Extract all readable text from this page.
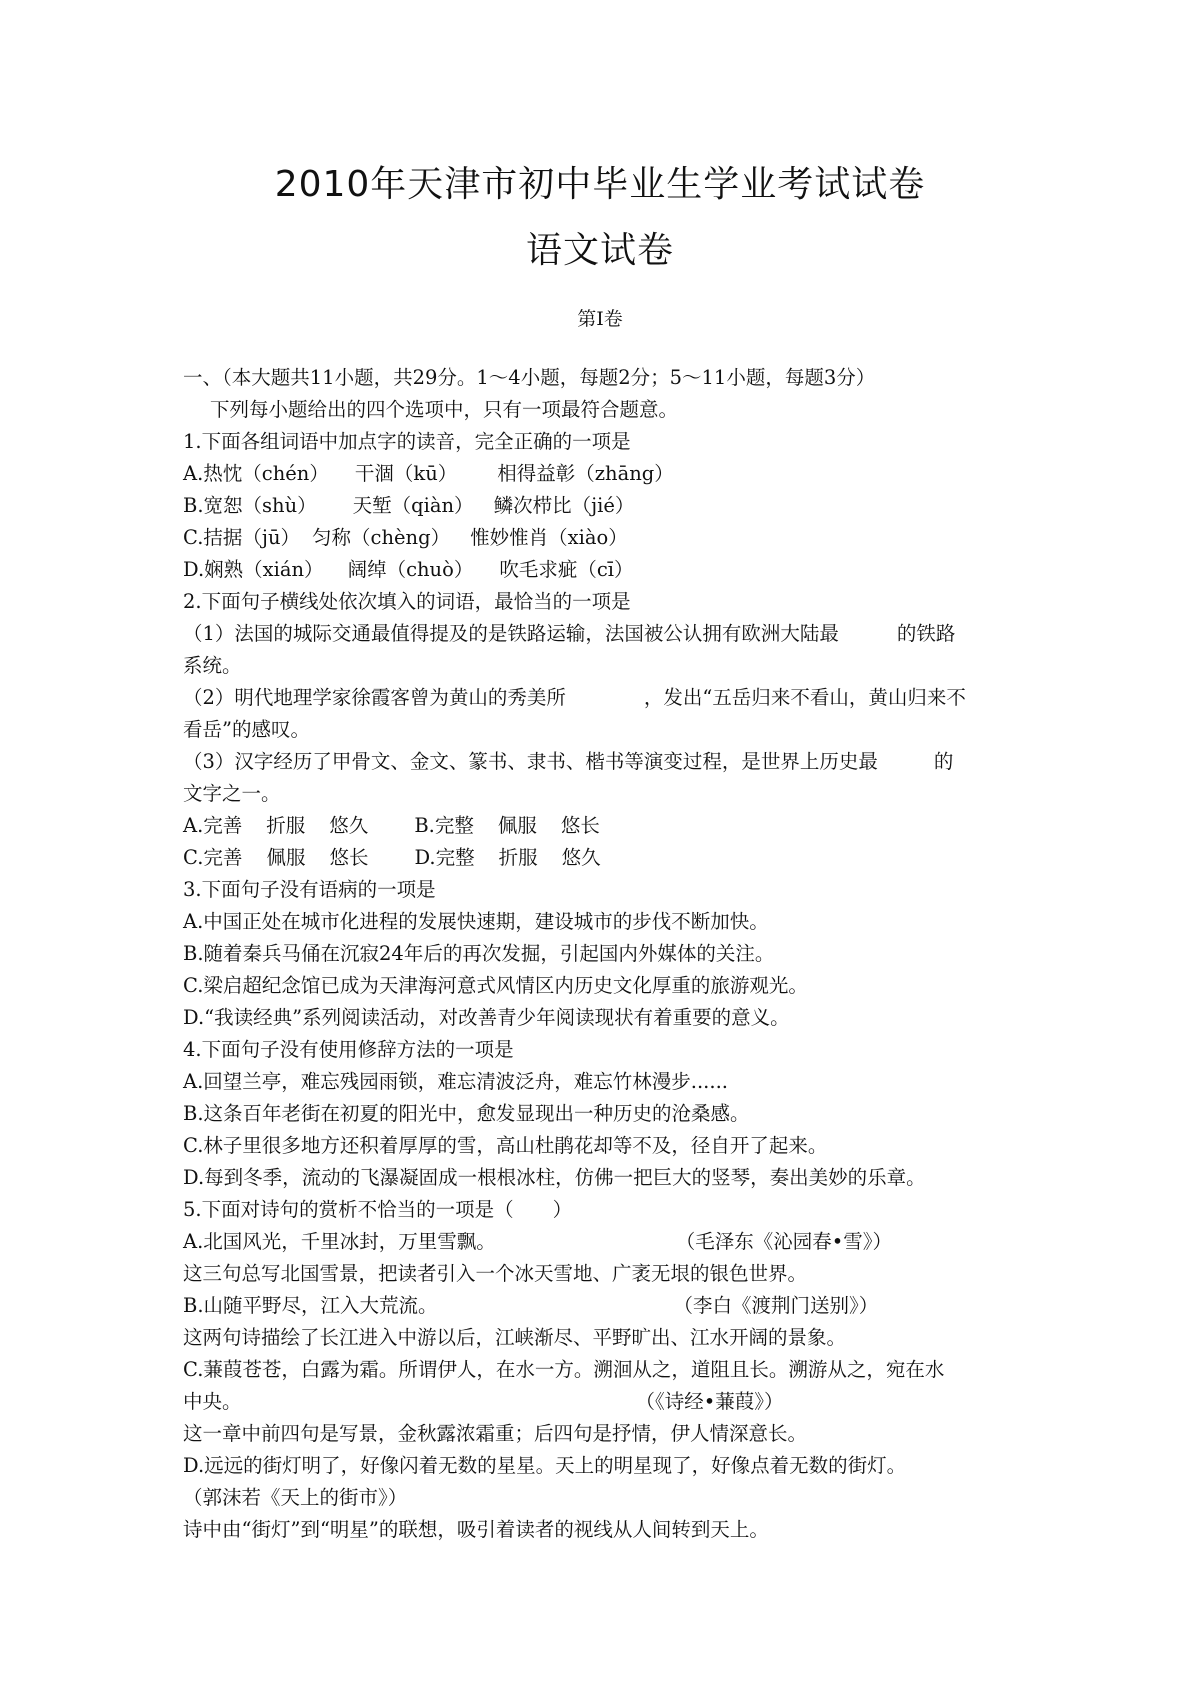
2010年天津市初中毕业生学业考试试卷
语文试卷
第Ⅰ卷
一、（本大题共11小题，共29分。1～4小题，每题2分；5～11小题，每题3分）
下列每小题给出的四个选项中，只有一项最符合题意。
1.下面各组词语中加点字的读音，完全正确的一项是
A.热忱（chén） 干涸（kū） 相得益彰（zhāng）
B.宽恕（shù） 天堑（qiàn） 鳞次栉比（jié）
C.拮据（jū） 匀称（chèng） 惟妙惟肖（xiào）
D.娴熟（xián） 阔绰（chuò） 吹毛求疵（cī）
2.下面句子横线处依次填入的词语，最恰当的一项是
（1）法国的城际交通最值得提及的是铁路运输，法国被公认拥有欧洲大陆最	的铁路
系统。
（2）明代地理学家徐霞客曾为黄山的秀美所	，发出“五岳归来不看山，黄山归来不
看岳”的感叹。
（3）汉字经历了甲骨文、金文、篆书、隶书、楷书等演变过程，是世界上历史最	的
文字之一。
A.完善 折服 悠久 B.完整 佩服 悠长
C.完善 佩服 悠长 D.完整 折服 悠久
3.下面句子没有语病的一项是
A.中国正处在城市化进程的发展快速期，建设城市的步伐不断加快。
B.随着秦兵马俑在沉寂24年后的再次发掘，引起国内外媒体的关注。
C.梁启超纪念馆已成为天津海河意式风情区内历史文化厚重的旅游观光。
D.“我读经典”系列阅读活动，对改善青少年阅读现状有着重要的意义。
4.下面句子没有使用修辞方法的一项是
A.回望兰亭，难忘残园雨锁，难忘清波泛舟，难忘竹林漫步......
B.这条百年老街在初夏的阳光中，愈发显现出一种历史的沧桑感。
C.林子里很多地方还积着厚厚的雪，高山杜鹃花却等不及，径自开了起来。
D.每到冬季，流动的飞瀑凝固成一根根冰柱，仿佛一把巨大的竖琴，奏出美妙的乐章。
5.下面对诗句的赏析不恰当的一项是（　　）
A.北国风光，千里冰封，万里雪飘。	（毛泽东《沁园春•雪》）
这三句总写北国雪景，把读者引入一个冰天雪地、广袤无垠的银色世界。
B.山随平野尽，江入大荒流。	（李白《渡荆门送别》）
这两句诗描绘了长江进入中游以后，江峡渐尽、平野旷出、江水开阔的景象。
C.蒹葭苍苍，白露为霜。所谓伊人，在水一方。溯洄从之，道阻且长。溯游从之，宛在水
中央。	（《诗经•蒹葭》）
这一章中前四句是写景，金秋露浓霜重；后四句是抒情，伊人情深意长。
D.远远的街灯明了，好像闪着无数的星星。天上的明星现了，好像点着无数的街灯。
（郭沫若《天上的街市》）
诗中由“街灯”到“明星”的联想，吸引着读者的视线从人间转到天上。
